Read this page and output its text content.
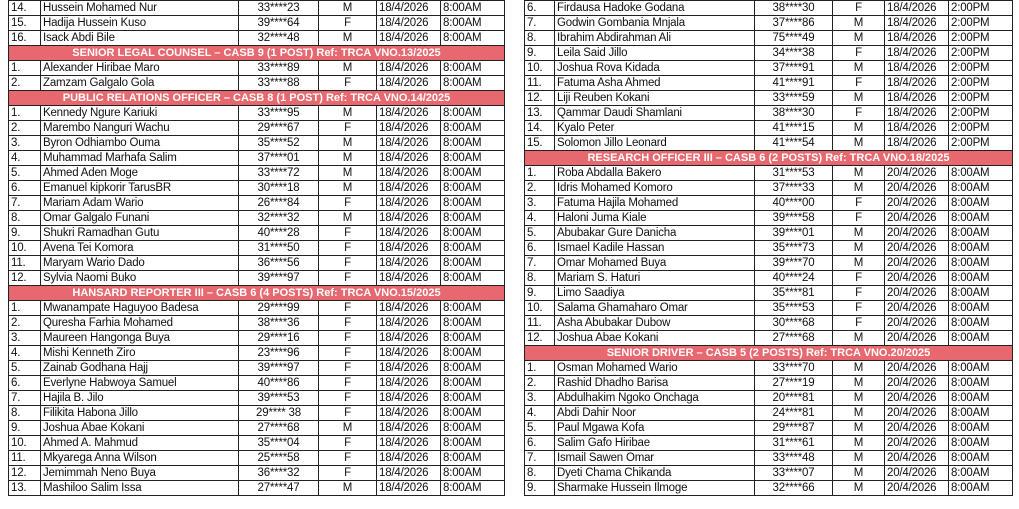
14.	Hussein Mohamed Nur	33****23	M	18/4/2026	8:00AM
15.	Hadija Hussein Kuso	39****64	F	18/4/2026	8:00AM
16.	Isack Abdi Bile	32****48	M	18/4/2026	8:00AM
SENIOR LEGAL COUNSEL – CASB 9 (1 POST) Ref: TRCA VNO.13/2025					
1.	Alexander Hiribae Maro	33****89	M	18/4/2026	8:00AM
2.	Zamzam Galgalo Gola	33****88	F	18/4/2026	8:00AM
PUBLIC RELATIONS OFFICER – CASB 8 (1 POST) Ref: TRCA VNO.14/2025					
1.	Kennedy Ngure Kariuki	33****95	M	18/4/2026	8:00AM
2.	Marembo Nanguri Wachu	29****67	F	18/4/2026	8:00AM
3.	Byron Odhiambo Ouma	35****52	M	18/4/2026	8:00AM
4.	Muhammad Marhafa Salim	37****01	M	18/4/2026	8:00AM
5.	Ahmed Aden Moge	33****72	M	18/4/2026	8:00AM
6.	Emanuel kipkorir TarusBR	30****18	M	18/4/2026	8:00AM
7.	Mariam Adam Wario	26****84	F	18/4/2026	8:00AM
8.	Omar Galgalo Funani	32****32	M	18/4/2026	8:00AM
9.	Shukri Ramadhan Gutu	40****28	F	18/4/2026	8:00AM
10.	Avena Tei Komora	31****50	F	18/4/2026	8:00AM
11.	Maryam Wario Dado	36****56	F	18/4/2026	8:00AM
12.	Sylvia Naomi Buko	39****97	F	18/4/2026	8:00AM
HANSARD REPORTER III – CASB 6 (4 POSTS) Ref: TRCA VNO.15/2025					
1.	Mwanampate Haguyoo Badesa	29****99	F	18/4/2026	8:00AM
2.	Quresha Farhia Mohamed	38****36	F	18/4/2026	8:00AM
3.	Maureen Hangonga Buya	29****16	F	18/4/2026	8:00AM
4.	Mishi Kenneth Ziro	23****96	F	18/4/2026	8:00AM
5.	Zainab Godhana Hajj	39****97	F	18/4/2026	8:00AM
6.	Everlyne Habwoya Samuel	40****86	F	18/4/2026	8:00AM
7.	Hajila B. Jilo	39****53	F	18/4/2026	8:00AM
8.	Filikita Habona Jillo	29**** 38	F	18/4/2026	8:00AM
9.	Joshua Abae Kokani	27****68	M	18/4/2026	8:00AM
10.	Ahmed A. Mahmud	35****04	F	18/4/2026	8:00AM
11.	Mkyarega Anna Wilson	25****58	F	18/4/2026	8:00AM
12.	Jemimmah Neno Buya	36****32	F	18/4/2026	8:00AM
13.	Mashiloo Salim Issa	27****47	M	18/4/2026	8:00AM
6.	Firdausa Hadoke Godana	38****30	F	18/4/2026	2:00PM
7.	Godwin Gombania Mnjala	37****86	M	18/4/2026	2:00PM
8.	Ibrahim Abdirahman Ali	75****49	M	18/4/2026	2:00PM
9.	Leila Said Jillo	34****38	F	18/4/2026	2:00PM
10.	Joshua Rova Kidada	37****91	M	18/4/2026	2:00PM
11.	Fatuma Asha Ahmed	41****91	F	18/4/2026	2:00PM
12.	Liji Reuben Kokani	33****59	M	18/4/2026	2:00PM
13.	Qammar Daudi Shamlani	38****30	F	18/4/2026	2:00PM
14.	Kyalo Peter	41****15	M	18/4/2026	2:00PM
15.	Solomon Jillo Leonard	41****54	M	18/4/2026	2:00PM
RESEARCH OFFICER III – CASB 6 (2 POSTS) Ref: TRCA VNO.18/2025					
1.	Roba Abdalla Bakero	31****53	M	20/4/2026	8:00AM
2.	Idris Mohamed Komoro	37****33	M	20/4/2026	8:00AM
3.	Fatuma Hajila Mohamed	40****00	F	20/4/2026	8:00AM
4.	Haloni Juma Kiale	39****58	F	20/4/2026	8:00AM
5.	Abubakar Gure Danicha	39****01	M	20/4/2026	8:00AM
6.	Ismael Kadile Hassan	35****73	M	20/4/2026	8:00AM
7.	Omar Mohamed Buya	39****70	M	20/4/2026	8:00AM
8.	Mariam S. Haturi	40****24	F	20/4/2026	8:00AM
9.	Limo Saadiya	35****81	F	20/4/2026	8:00AM
10.	Salama Ghamaharo Omar	35****53	F	20/4/2026	8:00AM
11.	Asha Abubakar Dubow	30****68	F	20/4/2026	8:00AM
12.	Joshua Abae Kokani	27****68	M	20/4/2026	8:00AM
SENIOR DRIVER – CASB 5 (2 POSTS) Ref: TRCA VNO.20/2025					
1.	Osman Mohamed Wario	33****70	M	20/4/2026	8:00AM
2.	Rashid Dhadho Barisa	27****19	M	20/4/2026	8:00AM
3.	Abdulhakim Ngoko Onchaga	20****81	M	20/4/2026	8:00AM
4.	Abdi Dahir Noor	24****81	M	20/4/2026	8:00AM
5.	Paul Mgawa Kofa	29****87	M	20/4/2026	8:00AM
6.	Salim Gafo Hiribae	31****61	M	20/4/2026	8:00AM
7.	Ismail Sawen Omar	33****48	M	20/4/2026	8:00AM
8.	Dyeti Chama Chikanda	33****07	M	20/4/2026	8:00AM
9.	Sharmake Hussein Ilmoge	32****66	M	20/4/2026	8:00AM
